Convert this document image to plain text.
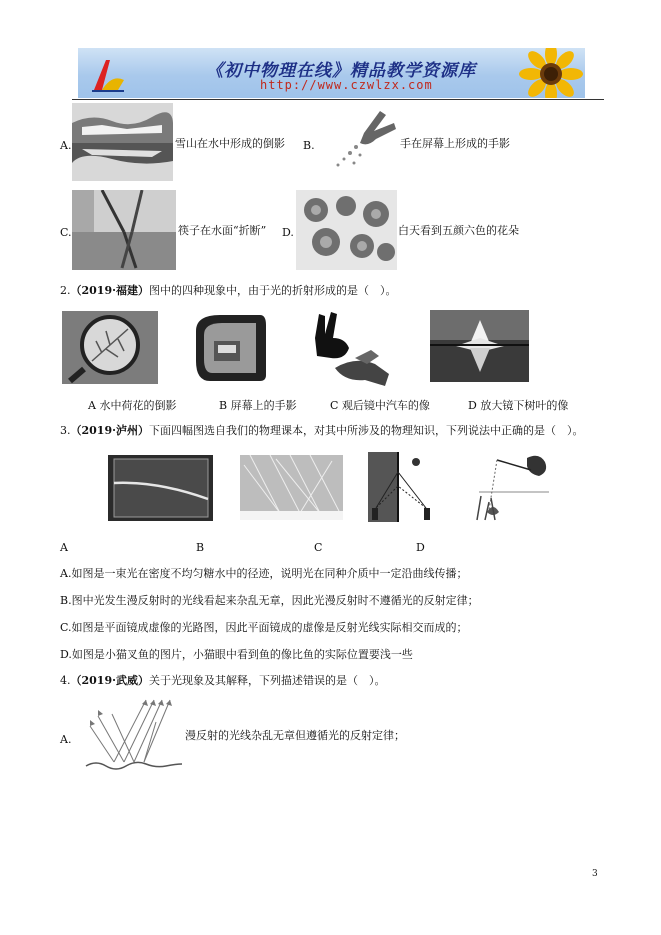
《初中物理在线》精品教学资源库
http://www.czwlzx.com
A.	雪山在水中形成的倒影 B.	手在屏幕上形成的手影
C.	筷子在水面“折断” D.	白天看到五颜六色的花朵
2.（2019·福建）图中的四种现象中，由于光的折射形成的是（　）。
A 水中荷花的倒影	B 屏幕上的手影	C 观后镜中汽车的像	D 放大镜下树叶的像
3.（2019·泸州）下面四幅图选自我们的物理课本，对其中所涉及的物理知识，下列说法中正确的是（　）。
A	B	C	D
A.如图是一束光在密度不均匀糖水中的径迹，说明光在同种介质中一定沿曲线传播；
B.图中光发生漫反射时的光线看起来杂乱无章，因此光漫反射时不遵循光的反射定律；
C.如图是平面镜成虚像的光路图，因此平面镜成的虚像是反射光线实际相交而成的；
D.如图是小猫叉鱼的图片，小猫眼中看到鱼的像比鱼的实际位置要浅一些
4.（2019·武威）关于光现象及其解释，下列描述错误的是（　）。
A.	漫反射的光线杂乱无章但遵循光的反射定律；
3
